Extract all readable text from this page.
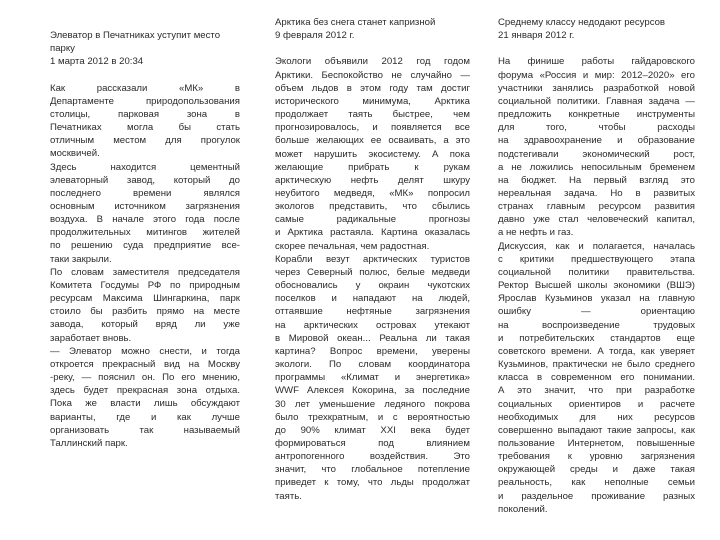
Элеватор в Печатниках уступит место
парку
1 марта 2012 в 20:34
Как рассказали «МК» в
Департаменте природопользования
столицы, парковая зона в
Печатниках могла бы стать
отличным местом для прогулок
москвичей.
Здесь находится цементный
элеваторный завод, который до
последнего времени являлся
основным источником загрязнения
воздуха. В начале этого года после
продолжительных митингов жителей
по решению суда предприятие все-
таки закрыли.
По словам заместителя председателя
Комитета Госдумы РФ по природным
ресурсам Максима Шингаркина, парк
стоило бы разбить прямо на месте
завода, который вряд ли уже
заработает вновь.
— Элеватор можно снести, и тогда
откроется прекрасный вид на Москву
-реку, — пояснил он. По его мнению,
здесь будет прекрасная зона отдыха.
Пока же власти лишь обсуждают
варианты, где и как лучше
организовать так называемый
Таллинский парк.
Арктика без снега станет капризной
9 февраля 2012 г.
Экологи объявили 2012 год годом
Арктики. Беспокойство не случайно —
объем льдов в этом году там достиг
исторического минимума, Арктика
продолжает таять быстрее, чем
прогнозировалось, и появляется все
больше желающих ее осваивать, а это
может нарушить экосистему. А пока
желающие прибрать к рукам
арктическую нефть делят шкуру
неубитого медведя, «МК» попросил
экологов представить, что сбылись
самые радикальные прогнозы
и Арктика растаяла. Картина оказалась
скорее печальная, чем радостная.
Корабли везут арктических туристов
через Северный полюс, белые медведи
обосновались у окраин чукотских
поселков и нападают на людей,
оттаявшие нефтяные загрязнения
на арктических островах утекают
в Мировой океан... Реальна ли такая
картина? Вопрос времени, уверены
экологи. По словам координатора
программы «Климат и энергетика»
WWF Алексея Кокорина, за последние
30 лет уменьшение ледяного покрова
было трехкратным, и с вероятностью
до 90% климат XXI века будет
формироваться под влиянием
антропогенного воздействия. Это
значит, что глобальное потепление
приведет к тому, что льды продолжат
таять.
Среднему классу недодают ресурсов
21 января 2012 г.
На финише работы гайдаровского
форума «Россия и мир: 2012–2020» его
участники занялись разработкой новой
социальной политики. Главная задача —
предложить конкретные инструменты
для того, чтобы расходы
на здравоохранение и образование
подстегивали экономический рост,
а не ложились непосильным бременем
на бюджет. На первый взгляд это
нереальная задача. Но в развитых
странах главным ресурсом развития
давно уже стал человеческий капитал,
а не нефть и газ.
Дискуссия, как и полагается, началась
с критики предшествующего этапа
социальной политики правительства.
Ректор Высшей школы экономики (ВШЭ)
Ярослав Кузьминов указал на главную
ошибку — ориентацию
на воспроизведение трудовых
и потребительских стандартов еще
советского времени. А тогда, как уверяет
Кузьминов, практически не было среднего
класса в современном его понимании.
А это значит, что при разработке
социальных ориентиров и расчете
необходимых для них ресурсов
совершенно выпадают такие запросы, как
пользование Интернетом, повышенные
требования к уровню загрязнения
окружающей среды и даже такая
реальность, как неполные семьи
и раздельное проживание разных
поколений.
